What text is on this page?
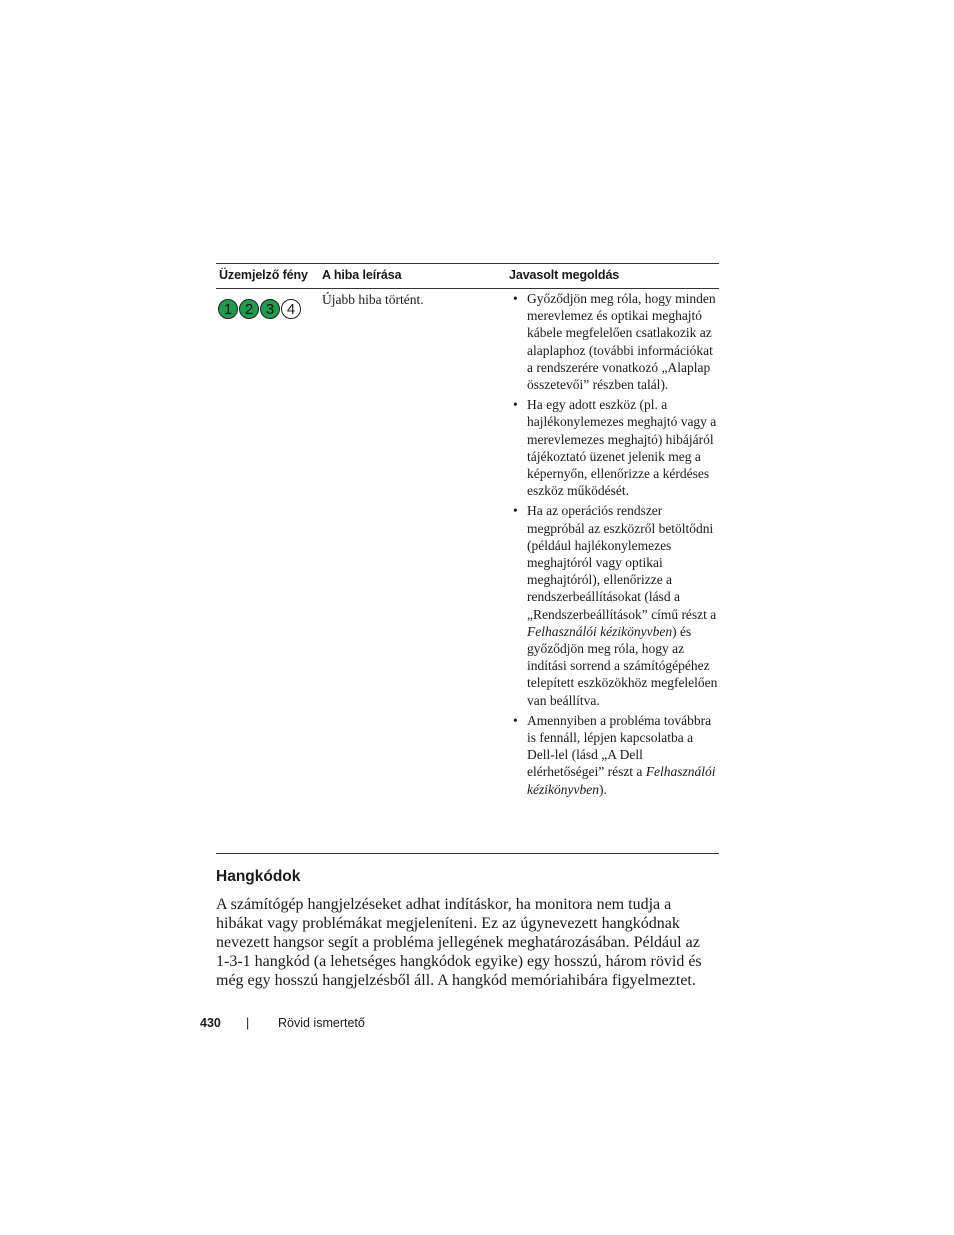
Üzemjelző fény A hiba leírása	Javasolt megoldás
1 2 3 4
Újabb hiba történt.
•	Győződjön meg róla, hogy minden merevlemez és optikai meghajtó kábele megfelelően csatlakozik az alaplaphoz (további információkat a rendszerére vonatkozó „Alaplap összetevői” részben talál).
• Ha egy adott eszköz (pl. a hajlékonylemezes meghajtó vagy a merevlemezes meghajtó) hibájáról tájékoztató üzenet jelenik meg a képernyőn, ellenőrizze a kérdéses eszköz működését.
• Ha az operációs rendszer megpróbál az eszközről betöltődni (például hajlékonylemezes meghajtóról vagy optikai meghajtóról), ellenőrizze a rendszerbeállításokat (lásd a „Rendszerbeállítások” című részt a Felhasználói kézikönyvben) és győződjön meg róla, hogy az indítási sorrend a számítógépéhez telepített eszközökhöz megfelelően van beállítva.
• Amennyiben a probléma továbbra is fennáll, lépjen kapcsolatba a Dell-lel (lásd „A Dell elérhetőségei” részt a Felhasználói kézikönyvben).
Hangkódok
A számítógép hangjelzéseket adhat indításkor, ha monitora nem tudja a hibákat vagy problémákat megjeleníteni. Ez az úgynevezett hangkódnak nevezett hangsor segít a probléma jellegének meghatározásában. Például az 1-3-1 hangkód (a lehetséges hangkódok egyike) egy hosszú, három rövid és még egy hosszú hangjelzésből áll. A hangkód memóriahibára figyelmeztet.
430 | Rövid ismertető
